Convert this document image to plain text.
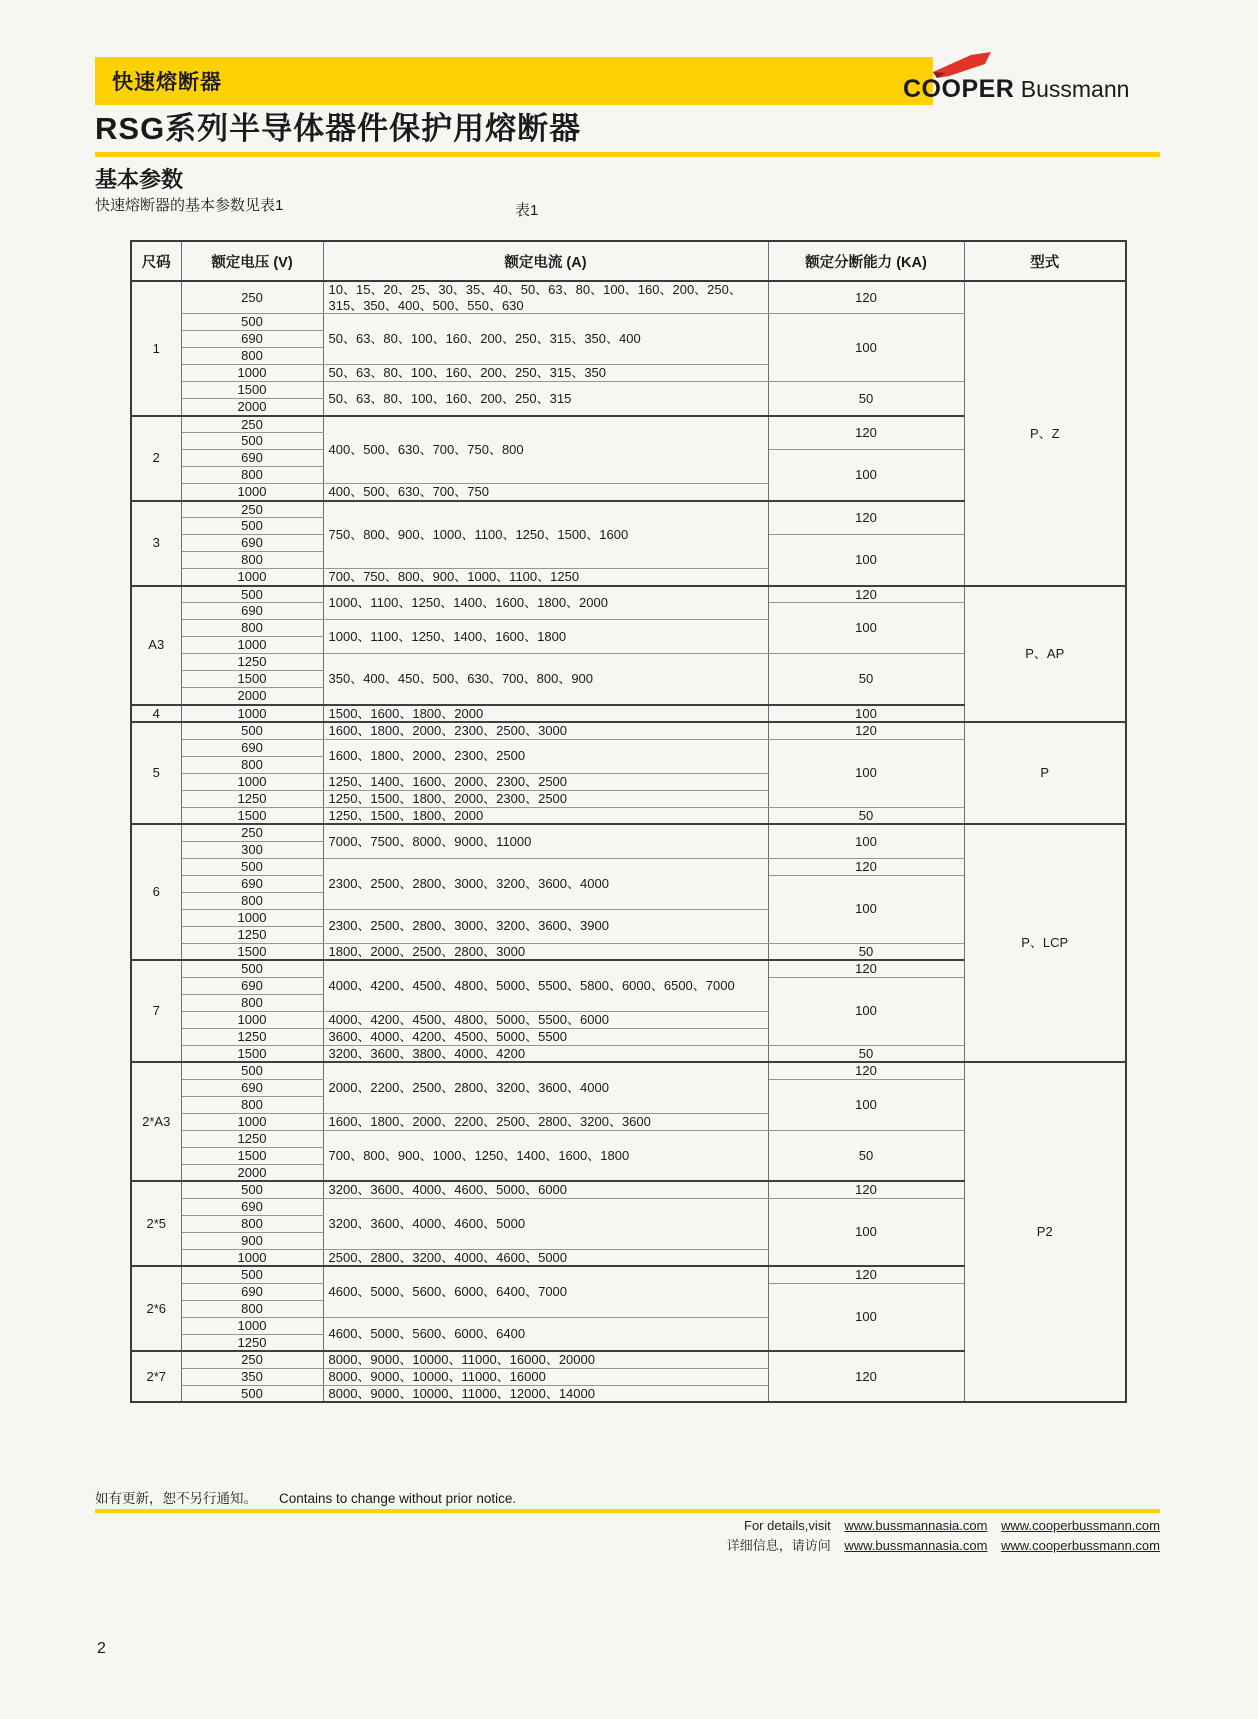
快速熔断器	COOPER Bussmann
RSG系列半导体器件保护用熔断器
基本参数
快速熔断器的基本参数见表1	表1
尺码	额定电压 (V)	额定电流 (A)	额定分断能力 (KA)	型式
1	250	10、15、20、25、30、35、40、50、63、80、100、160、200、250、315、350、400、500、550、630	120	P、Z
	500	50、63、80、100、160、200、250、315、350、400	100	
	690			
	800			
	1000	50、63、80、100、160、200、250、315、350		
	1500	50、63、80、100、160、200、250、315	50	
	2000			
2	250	400、500、630、700、750、800	120	
	500			
	690		100	
	800			
	1000	400、500、630、700、750		
3	250	750、800、900、1000、1100、1250、1500、1600	120	
	500			
	690		100	
	800			
	1000	700、750、800、900、1000、1100、1250		
A3	500	1000、1100、1250、1400、1600、1800、2000	120	P、AP
	690		100	
	800	1000、1100、1250、1400、1600、1800		
	1000			
	1250	350、400、450、500、630、700、800、900	50	
	1500			
	2000			
4	1000	1500、1600、1800、2000	100	
5	500	1600、1800、2000、2300、2500、3000	120	P
	690	1600、1800、2000、2300、2500	100	
	800			
	1000	1250、1400、1600、2000、2300、2500		
	1250	1250、1500、1800、2000、2300、2500		
	1500	1250、1500、1800、2000	50	
6	250	7000、7500、8000、9000、11000	100	P、LCP
	300			
	500	2300、2500、2800、3000、3200、3600、4000	120	
	690		100	
	800			
	1000	2300、2500、2800、3000、3200、3600、3900		
	1250			
	1500	1800、2000、2500、2800、3000	50	
7	500	4000、4200、4500、4800、5000、5500、5800、6000、6500、7000	120	
	690		100	
	800			
	1000	4000、4200、4500、4800、5000、5500、6000		
	1250	3600、4000、4200、4500、5000、5500		
	1500	3200、3600、3800、4000、4200	50	
2*A3	500	2000、2200、2500、2800、3200、3600、4000	120	P2
	690		100	
	800			
	1000	1600、1800、2000、2200、2500、2800、3200、3600		
	1250	700、800、900、1000、1250、1400、1600、1800	50	
	1500			
	2000			
2*5	500	3200、3600、4000、4600、5000、6000	120	
	690	3200、3600、4000、4600、5000	100	
	800			
	900			
	1000	2500、2800、3200、4000、4600、5000		
2*6	500	4600、5000、5600、6000、6400、7000	120	
	690		100	
	800			
	1000	4600、5000、5600、6000、6400		
	1250			
2*7	250	8000、9000、10000、11000、16000、20000	120	
	350	8000、9000、10000、11000、16000		
	500	8000、9000、10000、11000、12000、14000		
如有更新，恕不另行通知。 Contains to change without prior notice.
For details,visit www.bussmannasia.com www.cooperbussmann.com
详细信息，请访问 www.bussmannasia.com www.cooperbussmann.com
2
